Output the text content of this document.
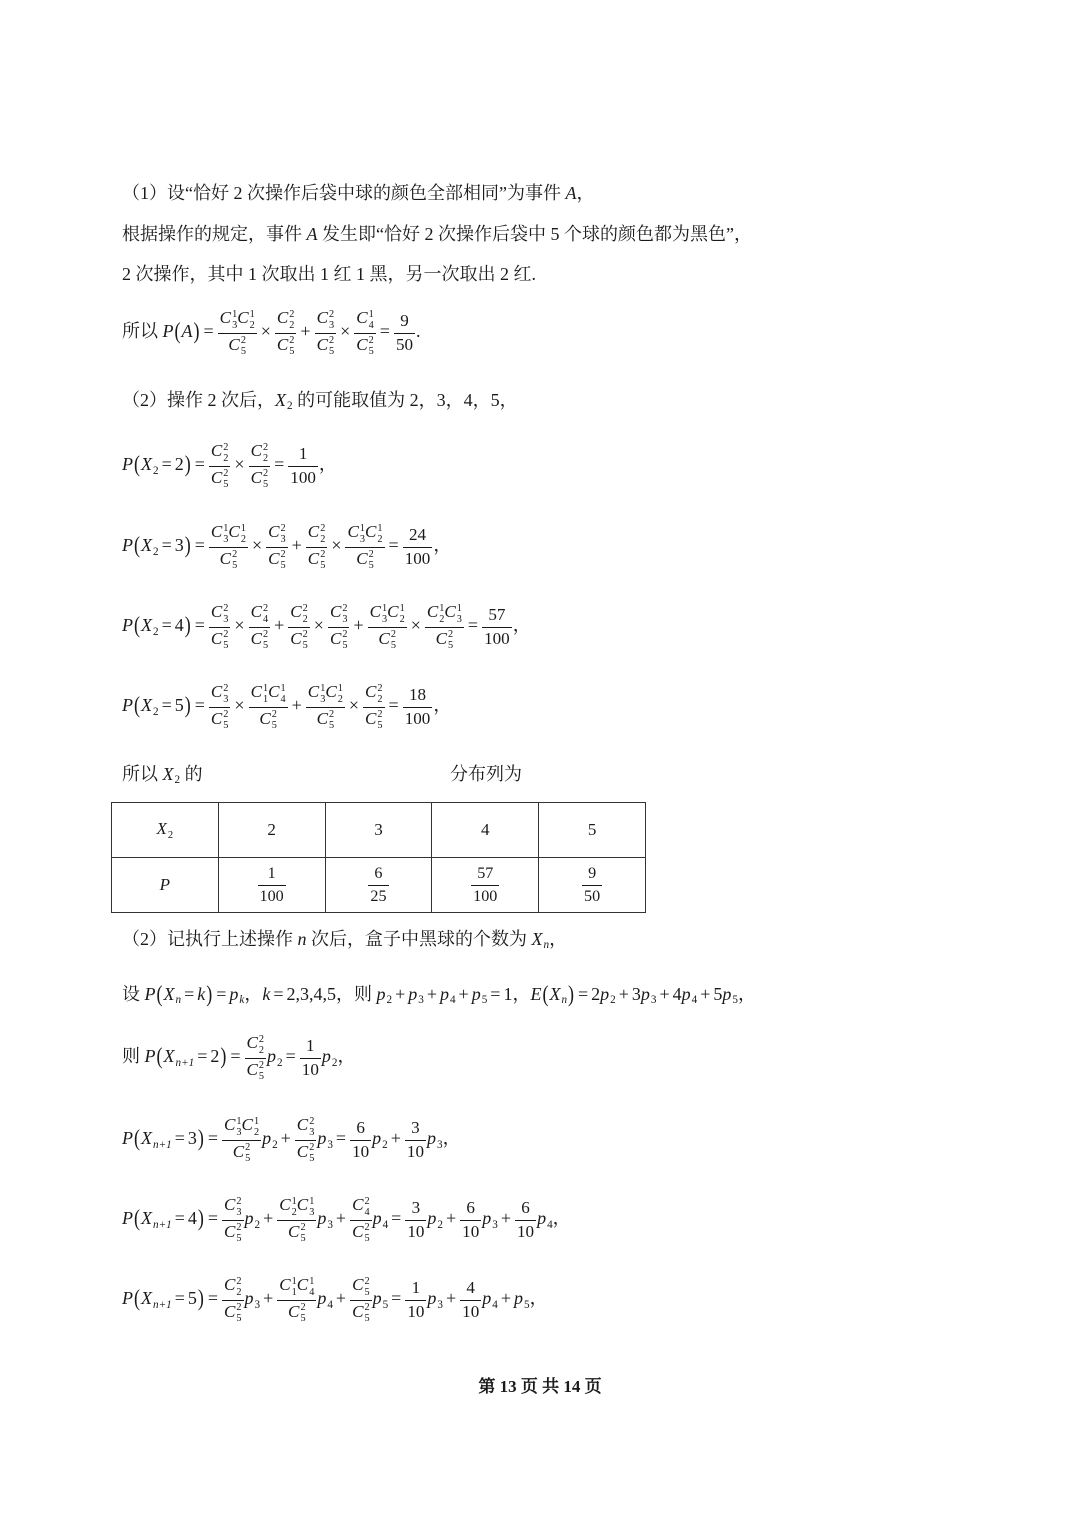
（1）设“恰好 2 次操作后袋中球的颜色全部相同”为事件 A，
根据操作的规定，事件 A 发生即“恰好 2 次操作后袋中 5 个球的颜色都为黑色”，
2 次操作，其中 1 次取出 1 红 1 黑，另一次取出 2 红.
所以 P(A) = C 1
3 C 1
2
C 2
5 × C 2
2
C 2
5 + C 2
3
C 2
5 × C 1
4
C 2
$5 = \frac{9}{50}$ .
（2）操作 2 次后，$X_2$ 的可能取值为 2，3，4，5，
$P(X_2 = 2) = C$ 2
2
C 2
5 × C 2
2
C 2
$5 = \frac{1}{100}$ ，
$P(X_2 = 3) = C$ 1
3 C 1
2
C 2
5 × C 2
3
C 2
5 + C 2
2
C 2
5 × C 1
3 C 1
2
C 2
$5 = \frac{24}{100}$ ，
$P(X_2 = 4) = C$ 2
3
C 2
5 × C 2
4
C 2
5 + C 2
2
C 2
5 × C 2
3
C 2
5 + C 1
3 C 1
2
C 2
5 × C 1
2 C 1
3
C 2
$5 = \frac{57}{100}$ ，
$P(X_2 = 5) = C$ 2
3
C 2
5 × C 1
1 C 1
4
C 2
5 + C 1
3 C 1
2
C 2
5 × C 2
2
C 2
$5 = \frac{18}{100}$ ，
所以 $X_2$ 的	分布列为
$X_2$	2	3	4	5
P	$\frac{1}{100}$	$\frac{6}{25}$	$\frac{57}{100}$	$\frac{9}{50}$
（2）记执行上述操作 n 次后，盒子中黑球的个数为 $X_n$，
设 $P(X_n = k) = p_k$，k = 2,3,4,5，则 $p_2 + p_3 + p_4 + p_5 = 1$，$E(X_n) = 2p_2 + 3p_3 + 4p_4 + 5p_5$，
则 $P(X_{n+1} = 2) = C$ 2
2
C 2
5 $p_2 = \frac{1}{10} p_2$，
$P(X_{n+1} = 3) = C$ 1
3 C 1
2
C 2
5 $p_2 + C$ 2
3
C 2
5 $p_3 = \frac{6}{10} p_2 + \frac{3}{10} p_3$，
$P(X_{n+1} = 4) = C$ 2
3
C 2
5 $p_2 + C$ 1
2 C 1
3
C 2
5 $p_3 + C$ 2
4
C 2
5 $p_4 = \frac{3}{10} p_2 + \frac{6}{10} p_3 + \frac{6}{10} p_4$，
$P(X_{n+1} = 5) = C$ 2
2
C 2
5 $p_3 + C$ 1
1 C 1
4
C 2
5 $p_4 + C$ 2
5
C 2
5 $p_5 = \frac{1}{10} p_3 + \frac{4}{10} p_4 + p_5$，
第 13 页 共 14 页
